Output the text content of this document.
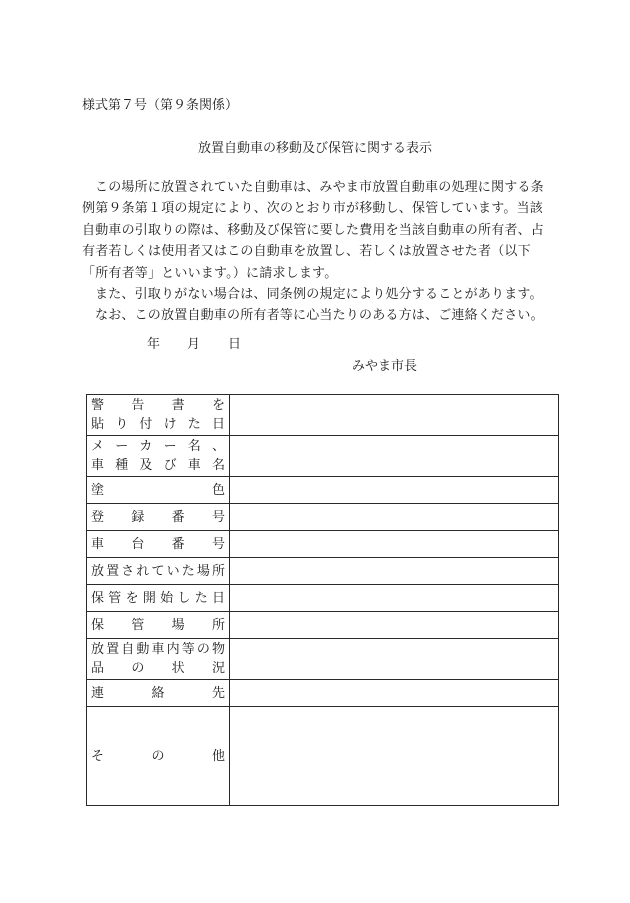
様式第７号（第９条関係）
放置自動車の移動及び保管に関する表示

この場所に放置されていた自動車は、みやま市放置自動車の処理に関する条例第９条第１項の規定により、次のとおり市が移動し、保管しています。当該自動車の引取りの際は、移動及び保管に要した費用を当該自動車の所有者、占有者若しくは使用者又はこの自動車を放置し、若しくは放置させた者（以下「所有者等」といいます。）に請求します。

また、引取りがない場合は、同条例の規定により処分することがあります。

なお、この放置自動車の所有者等に心当たりのある方は、ご連絡ください。

年 月 日
みやま市長
警　告　書　を
貼 り 付 け た 日	

メ ー カ ー 名 、
車 種 及 び 車 名	

塗　　　　　色	

登　録　番　号	

車　台　番　号	

放置されていた場所	

保管を開始した日	

保　管　場　所	

放置自動車内等の物
品　の　状　況	

連　　絡　　先	

そ　　の　　他	
